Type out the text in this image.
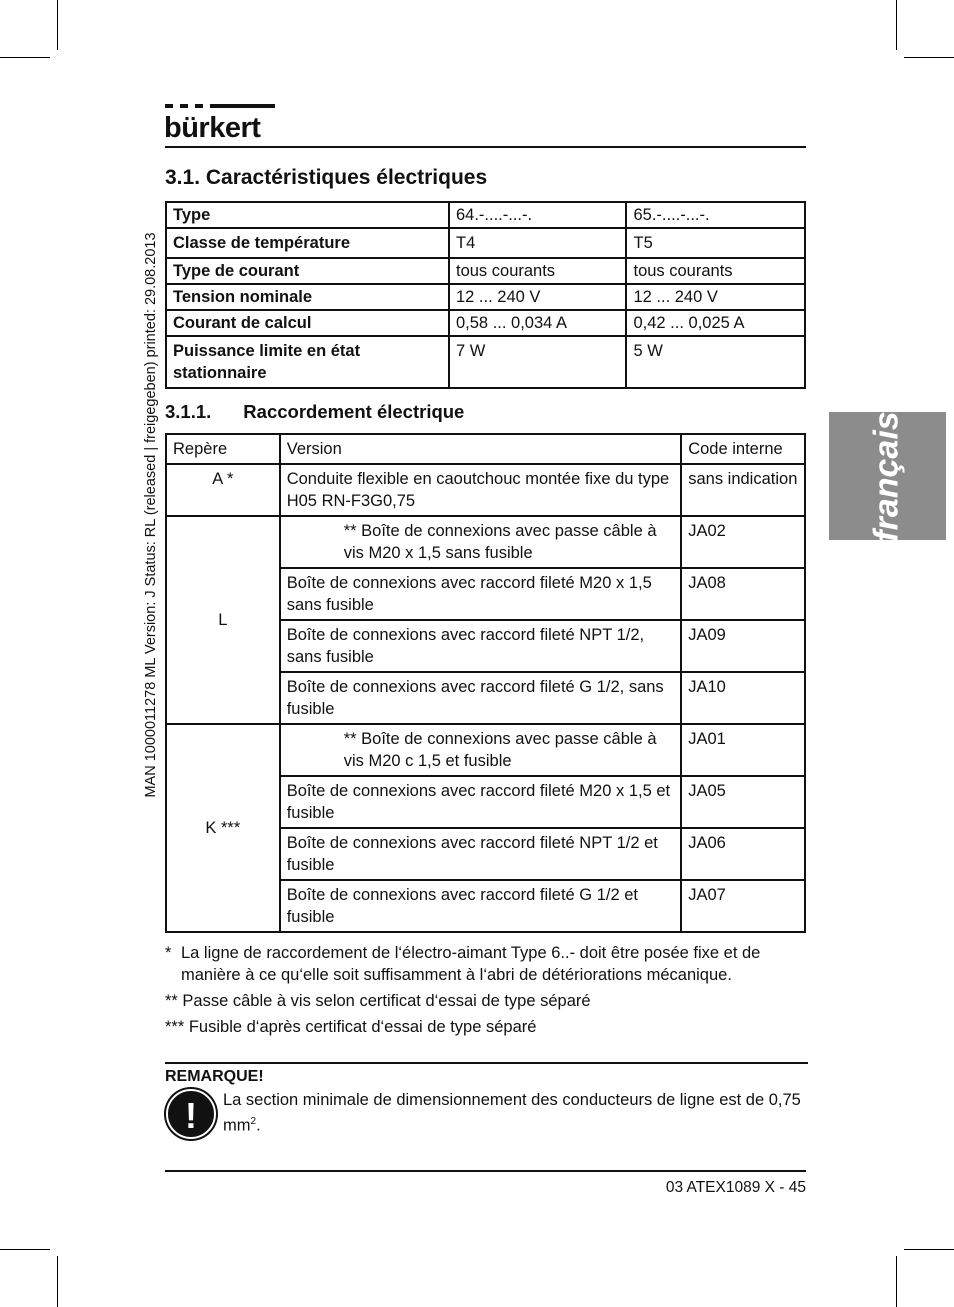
bürkert
MAN 1000011278 ML Version: J Status: RL (released | freigegeben) printed: 29.08.2013	français
3.1. Caractéristiques électriques
Type	64.-....-...-.	65.-....-...-.
Classe de température	T4	T5
Type de courant	tous courants	tous courants
Tension nominale	12 ... 240 V	12 ... 240 V
Courant de calcul	0,58 ... 0,034 A	0,42 ... 0,025 A
Puissance limite en état stationnaire	7 W	5 W
3.1.1. Raccordement électrique
Repère	Version	Code interne
A *	Conduite flexible en caoutchouc montée fixe du type H05 RN-F3G0,75	sans indication
L	** Boîte de connexions avec passe câble à vis M20 x 1,5 sans fusible	JA02
	Boîte de connexions avec raccord fileté M20 x 1,5 sans fusible	JA08
	Boîte de connexions avec raccord fileté NPT 1/2, sans fusible	JA09
	Boîte de connexions avec raccord fileté G 1/2, sans fusible	JA10
K ***	** Boîte de connexions avec passe câble à vis M20 c 1,5 et fusible	JA01
	Boîte de connexions avec raccord fileté M20 x 1,5 et fusible	JA05
	Boîte de connexions avec raccord fileté NPT 1/2 et fusible	JA06
	Boîte de connexions avec raccord fileté G 1/2 et fusible	JA07
* La ligne de raccordement de l‘électro-aimant Type 6..- doit être posée fixe et de manière à ce qu‘elle soit suffisamment à l‘abri de détériorations mécanique.
** Passe câble à vis selon certificat d‘essai de type séparé
*** Fusible d‘après certificat d‘essai de type séparé
REMARQUE!
!	La section minimale de dimensionnement des conducteurs de ligne est de 0,75 $mm^2$.
03 ATEX1089 X - 45
